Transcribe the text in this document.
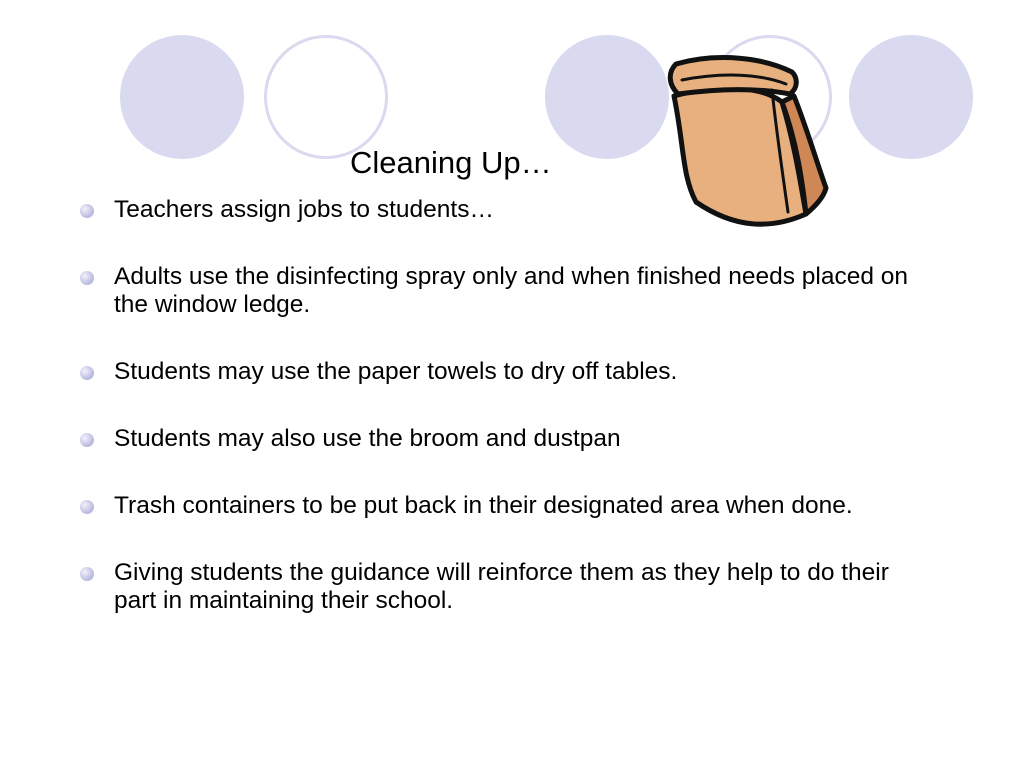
Cleaning Up…
Teachers assign jobs to students…
Adults use the disinfecting spray only and when finished needs placed on the window ledge.
Students may use the paper towels to dry off tables.
Students may also use the broom and dustpan
Trash containers to be put back in their designated area when done.
Giving students the guidance will reinforce them as they help to do their part in maintaining their school.
